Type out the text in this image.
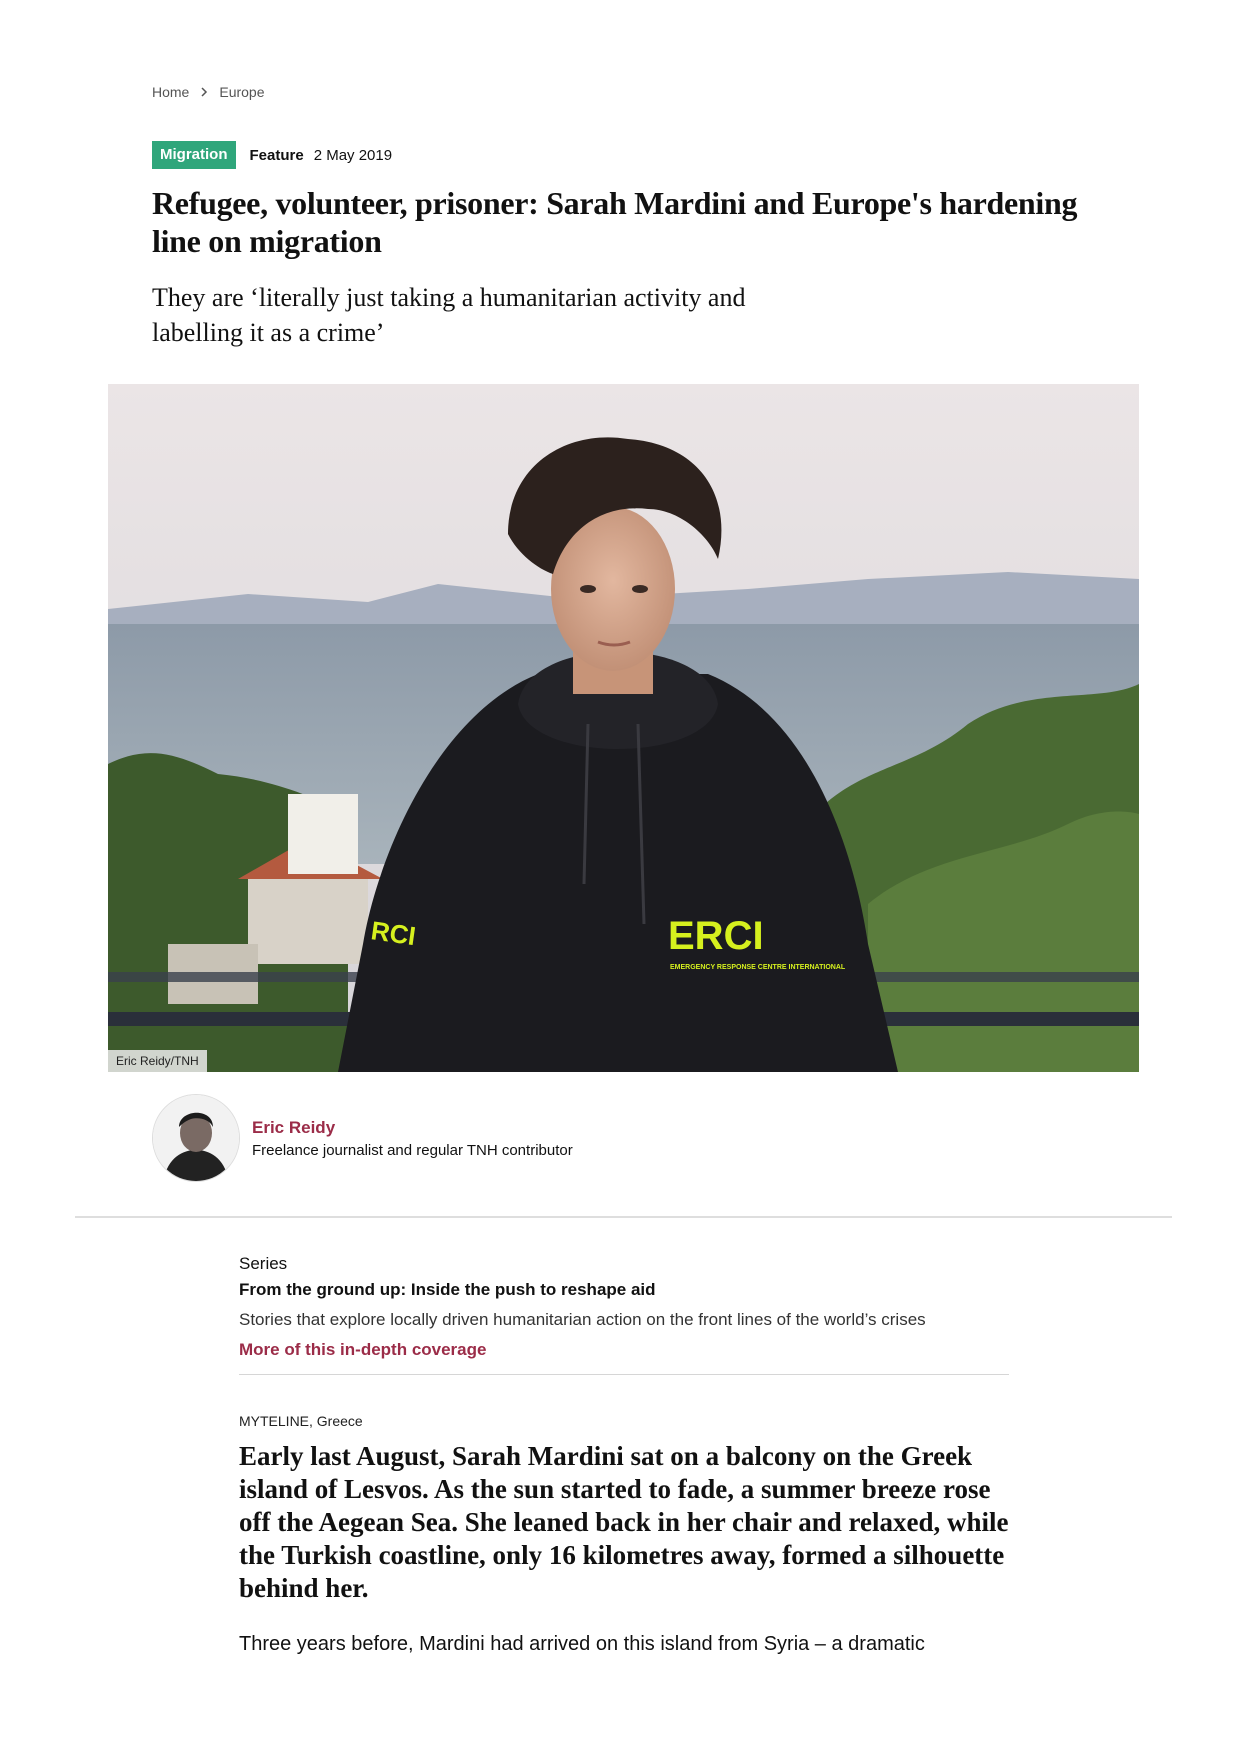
Home Europe
Migration	Feature 2 May 2019
Refugee, volunteer, prisoner: Sarah Mardini and Europe's hardening line on migration

They are ‘literally just taking a humanitarian activity and labelling it as a crime’

ERCI
EMERGENCY RESPONSE CENTRE INTERNATIONAL
RCI
Eric Reidy/TNH
Eric Reidy
Freelance journalist and regular TNH contributor
Series
From the ground up: Inside the push to reshape aid
Stories that explore locally driven humanitarian action on the front lines of the world’s crises
More of this in-depth coverage
MYTELINE, Greece

Early last August, Sarah Mardini sat on a balcony on the Greek island of Lesvos. As the sun started to fade, a summer breeze rose off the Aegean Sea. She leaned back in her chair and relaxed, while the Turkish coastline, only 16 kilometres away, formed a silhouette behind her.

Three years before, Mardini had arrived on this island from Syria – a dramatic
